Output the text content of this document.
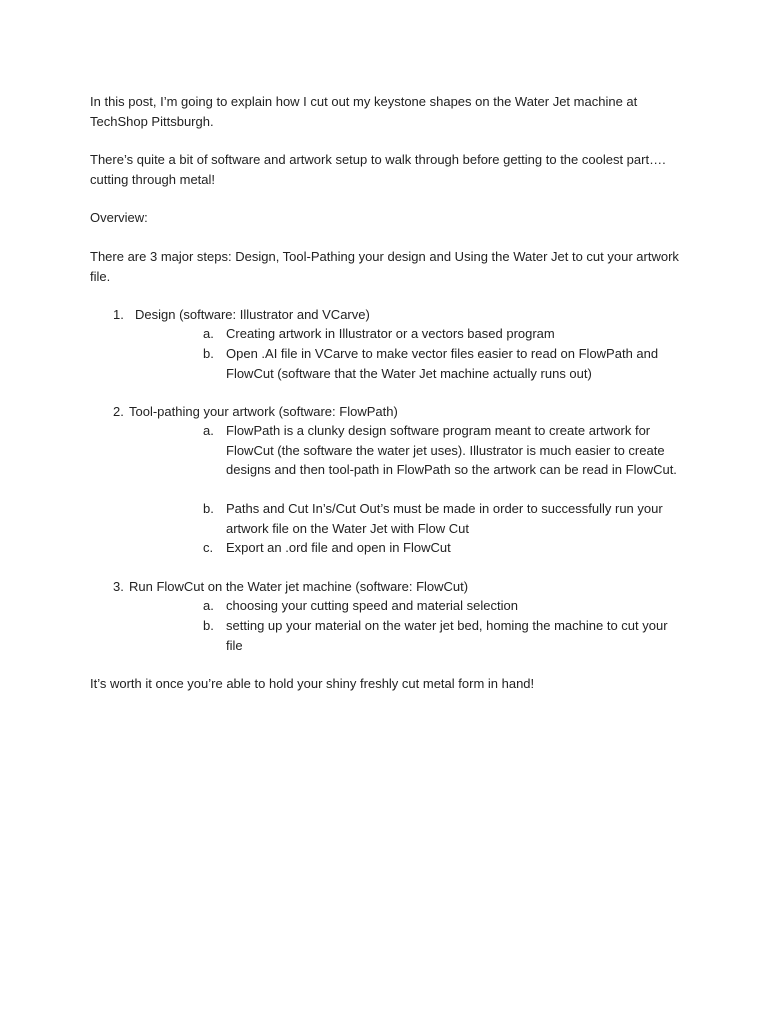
In this post, I’m going to explain how I cut out my keystone shapes on the Water Jet machine at TechShop Pittsburgh.

There’s quite a bit of software and artwork setup to walk through before getting to the coolest part…. cutting through metal!

Overview:

There are 3 major steps: Design, Tool-Pathing your design and Using the Water Jet to cut your artwork file.

1. Design (software: Illustrator and VCarve)
a. Creating artwork in Illustrator or a vectors based program
b. Open .AI file in VCarve to make vector files easier to read on FlowPath and FlowCut (software that the Water Jet machine actually runs out)
2. Tool-pathing your artwork (software: FlowPath)
a. FlowPath is a clunky design software program meant to create artwork for FlowCut (the software the water jet uses). Illustrator is much easier to create designs and then tool-path in FlowPath so the artwork can be read in FlowCut.
b. Paths and Cut In’s/Cut Out’s must be made in order to successfully run your artwork file on the Water Jet with Flow Cut
c. Export an .ord file and open in FlowCut
3. Run FlowCut on the Water jet machine (software: FlowCut)
a. choosing your cutting speed and material selection
b. setting up your material on the water jet bed, homing the machine to cut your file

It’s worth it once you’re able to hold your shiny freshly cut metal form in hand!
